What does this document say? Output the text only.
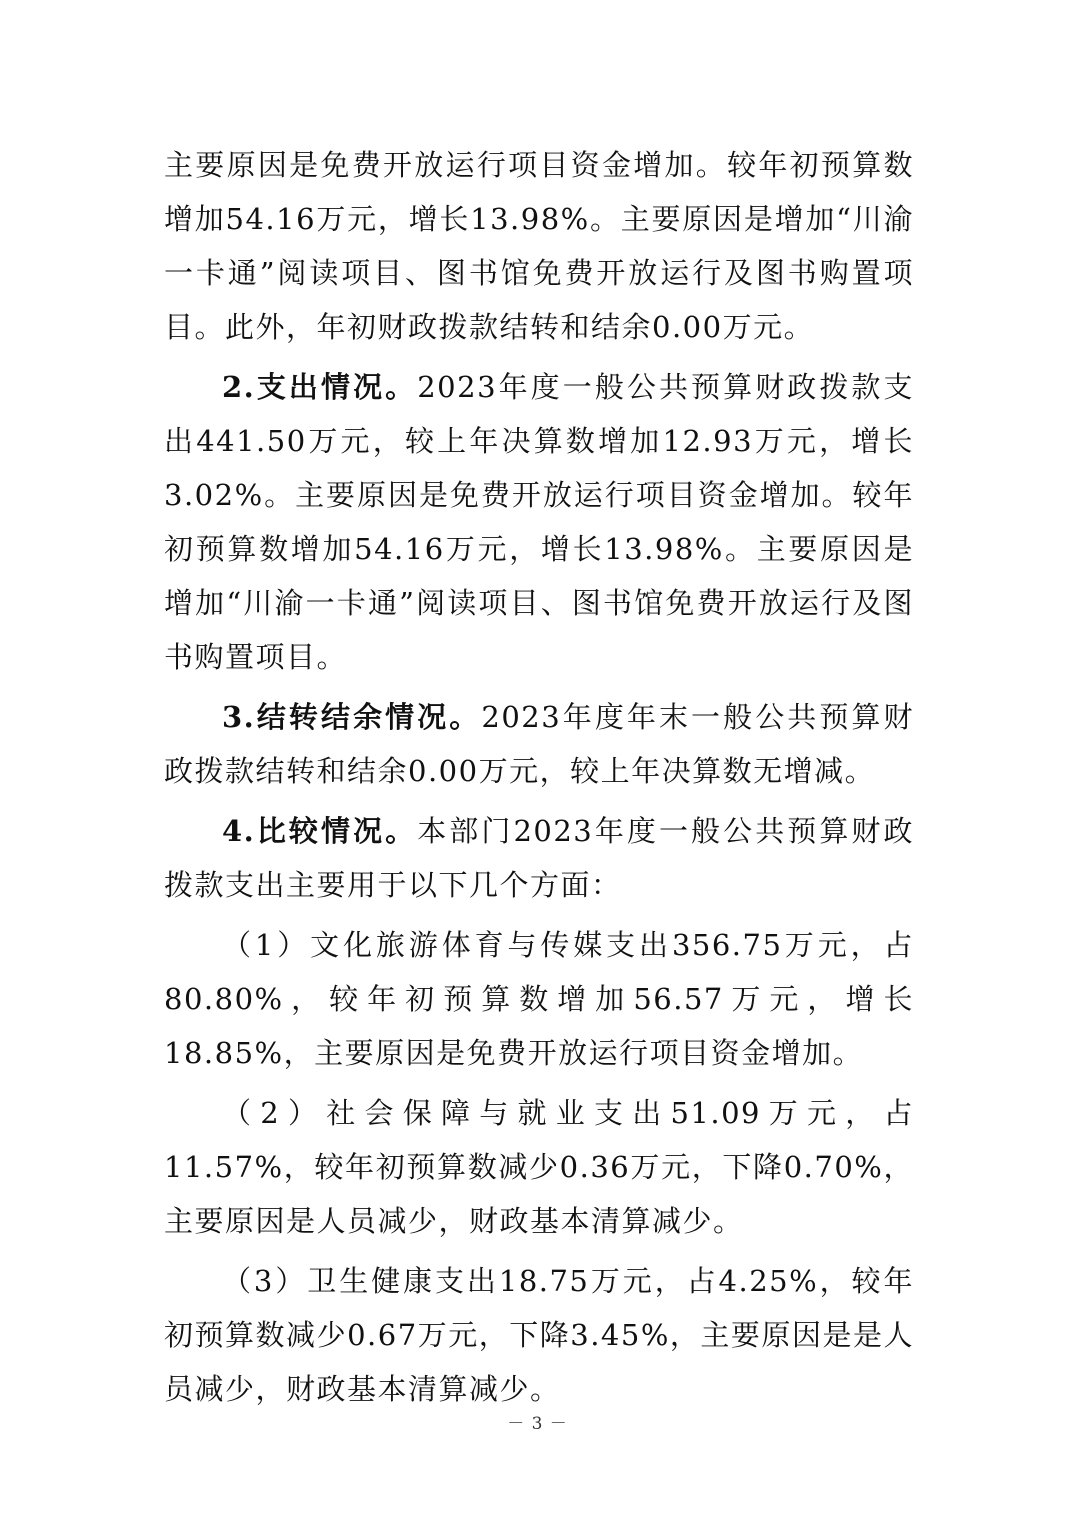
主要原因是免费开放运行项目资金增加。较年初预算数增加54.16万元，增长13.98%。主要原因是增加“川渝一卡通”阅读项目、图书馆免费开放运行及图书购置项目。此外，年初财政拨款结转和结余0.00万元。

2.支出情况。2023年度一般公共预算财政拨款支出441.50万元，较上年决算数增加12.93万元，增长3.02%。主要原因是免费开放运行项目资金增加。较年初预算数增加54.16万元，增长13.98%。主要原因是增加“川渝一卡通”阅读项目、图书馆免费开放运行及图书购置项目。

3.结转结余情况。2023年度年末一般公共预算财政拨款结转和结余0.00万元，较上年决算数无增减。

4.比较情况。本部门2023年度一般公共预算财政拨款支出主要用于以下几个方面：

（1）文化旅游体育与传媒支出356.75万元，占80.80%，较年初预算数增加56.57万元，增长18.85%，主要原因是免费开放运行项目资金增加。

（2）社会保障与就业支出51.09万元，占11.57%，较年初预算数减少0.36万元，下降0.70%，主要原因是人员减少，财政基本清算减少。

（3）卫生健康支出18.75万元，占4.25%，较年初预算数减少0.67万元，下降3.45%，主要原因是是人员减少，财政基本清算减少。

－ 3 －
